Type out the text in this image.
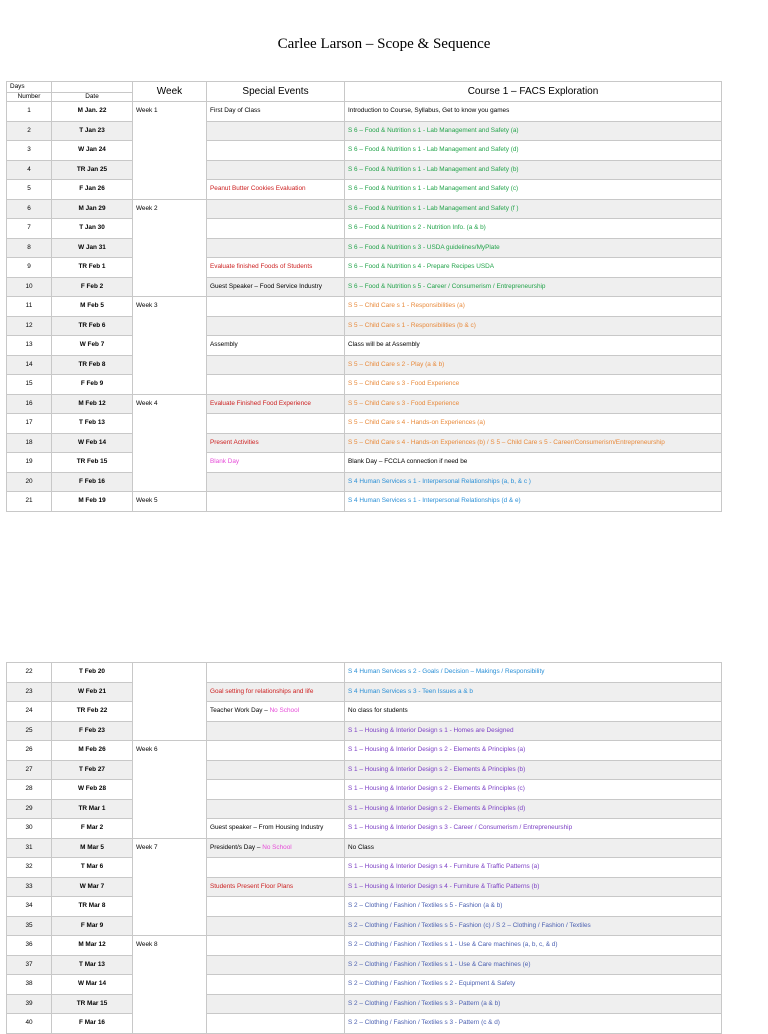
Carlee Larson – Scope & Sequence
Days		Week	Special Events	Course 1 – FACS Exploration
Number	Date			
1	M Jan. 22	Week 1	First Day of Class	Introduction to Course, Syllabus, Get to know you games
2	T Jan 23			S 6 – Food & Nutrition s 1 - Lab Management and Safety (a)
3	W Jan 24			S 6 – Food & Nutrition s 1 - Lab Management and Safety (d)
4	TR Jan 25			S 6 – Food & Nutrition s 1 - Lab Management and Safety (b)
5	F Jan 26		Peanut Butter Cookies Evaluation	S 6 – Food & Nutrition s 1 - Lab Management and Safety (c)
6	M Jan 29	Week 2		S 6 – Food & Nutrition s 1 - Lab Management and Safety (f )
7	T Jan 30			S 6 – Food & Nutrition s 2 - Nutrition Info. (a & b)
8	W Jan 31			S 6 – Food & Nutrition s 3 - USDA guidelines/MyPlate
9	TR Feb 1		Evaluate finished Foods of Students	S 6 – Food & Nutrition s 4 - Prepare Recipes USDA
10	F Feb 2		Guest Speaker – Food Service Industry	S 6 – Food & Nutrition s 5 - Career / Consumerism / Entrepreneurship
11	M Feb 5	Week 3		S 5 – Child Care s 1 - Responsibilities (a)
12	TR Feb 6			S 5 – Child Care s 1 - Responsibilities (b & c)
13	W Feb 7		Assembly	Class will be at Assembly
14	TR Feb 8			S 5 – Child Care s 2 - Play (a & b)
15	F Feb 9			S 5 – Child Care s 3 - Food Experience
16	M Feb 12	Week 4	Evaluate Finished Food Experience	S 5 – Child Care s 3 - Food Experience
17	T Feb 13			S 5 – Child Care s 4 - Hands-on Experiences (a)
18	W Feb 14		Present Activities	S 5 – Child Care s 4 - Hands-on Experiences (b) / S 5 – Child Care s 5 - Career/Consumerism/Entrepreneurship
19	TR Feb 15		Blank Day	Blank Day – FCCLA connection if need be
20	F Feb 16			S 4 Human Services s 1 - Interpersonal Relationships (a, b, & c )
21	M Feb 19	Week 5		S 4 Human Services s 1 - Interpersonal Relationships (d & e)
22	T Feb 20			S 4 Human Services s 2 - Goals / Decision – Makings / Responsibility
23	W Feb 21		Goal setting for relationships and life	S 4 Human Services s 3 - Teen Issues a & b
24	TR Feb 22		Teacher Work Day – No School	No class for students
25	F Feb 23			S 1 – Housing & Interior Design s 1 - Homes are Designed
26	M Feb 26	Week 6		S 1 – Housing & Interior Design s 2 - Elements & Principles (a)
27	T Feb 27			S 1 – Housing & Interior Design s 2 - Elements & Principles (b)
28	W Feb 28			S 1 – Housing & Interior Design s 2 - Elements & Principles (c)
29	TR Mar 1			S 1 – Housing & Interior Design s 2 - Elements & Principles (d)
30	F Mar 2		Guest speaker – From Housing Industry	S 1 – Housing & Interior Design s 3 - Career / Consumerism / Entrepreneurship
31	M Mar 5	Week 7	President/s Day – No School	No Class
32	T Mar 6			S 1 – Housing & Interior Design s 4 - Furniture & Traffic Patterns (a)
33	W Mar 7		Students Present Floor Plans	S 1 – Housing & Interior Design s 4 - Furniture & Traffic Patterns (b)
34	TR Mar 8			S 2 – Clothing / Fashion / Textiles s 5 - Fashion (a & b)
35	F Mar 9			S 2 – Clothing / Fashion / Textiles s 5 - Fashion (c) / S 2 – Clothing / Fashion / Textiles
36	M Mar 12	Week 8		S 2 – Clothing / Fashion / Textiles s 1 - Use & Care machines (a, b, c, & d)
37	T Mar 13			S 2 – Clothing / Fashion / Textiles s 1 - Use & Care machines (e)
38	W Mar 14			S 2 – Clothing / Fashion / Textiles s 2 - Equipment & Safety
39	TR Mar 15			S 2 – Clothing / Fashion / Textiles s 3 - Pattern (a & b)
40	F Mar 16			S 2 – Clothing / Fashion / Textiles s 3 - Pattern (c & d)
